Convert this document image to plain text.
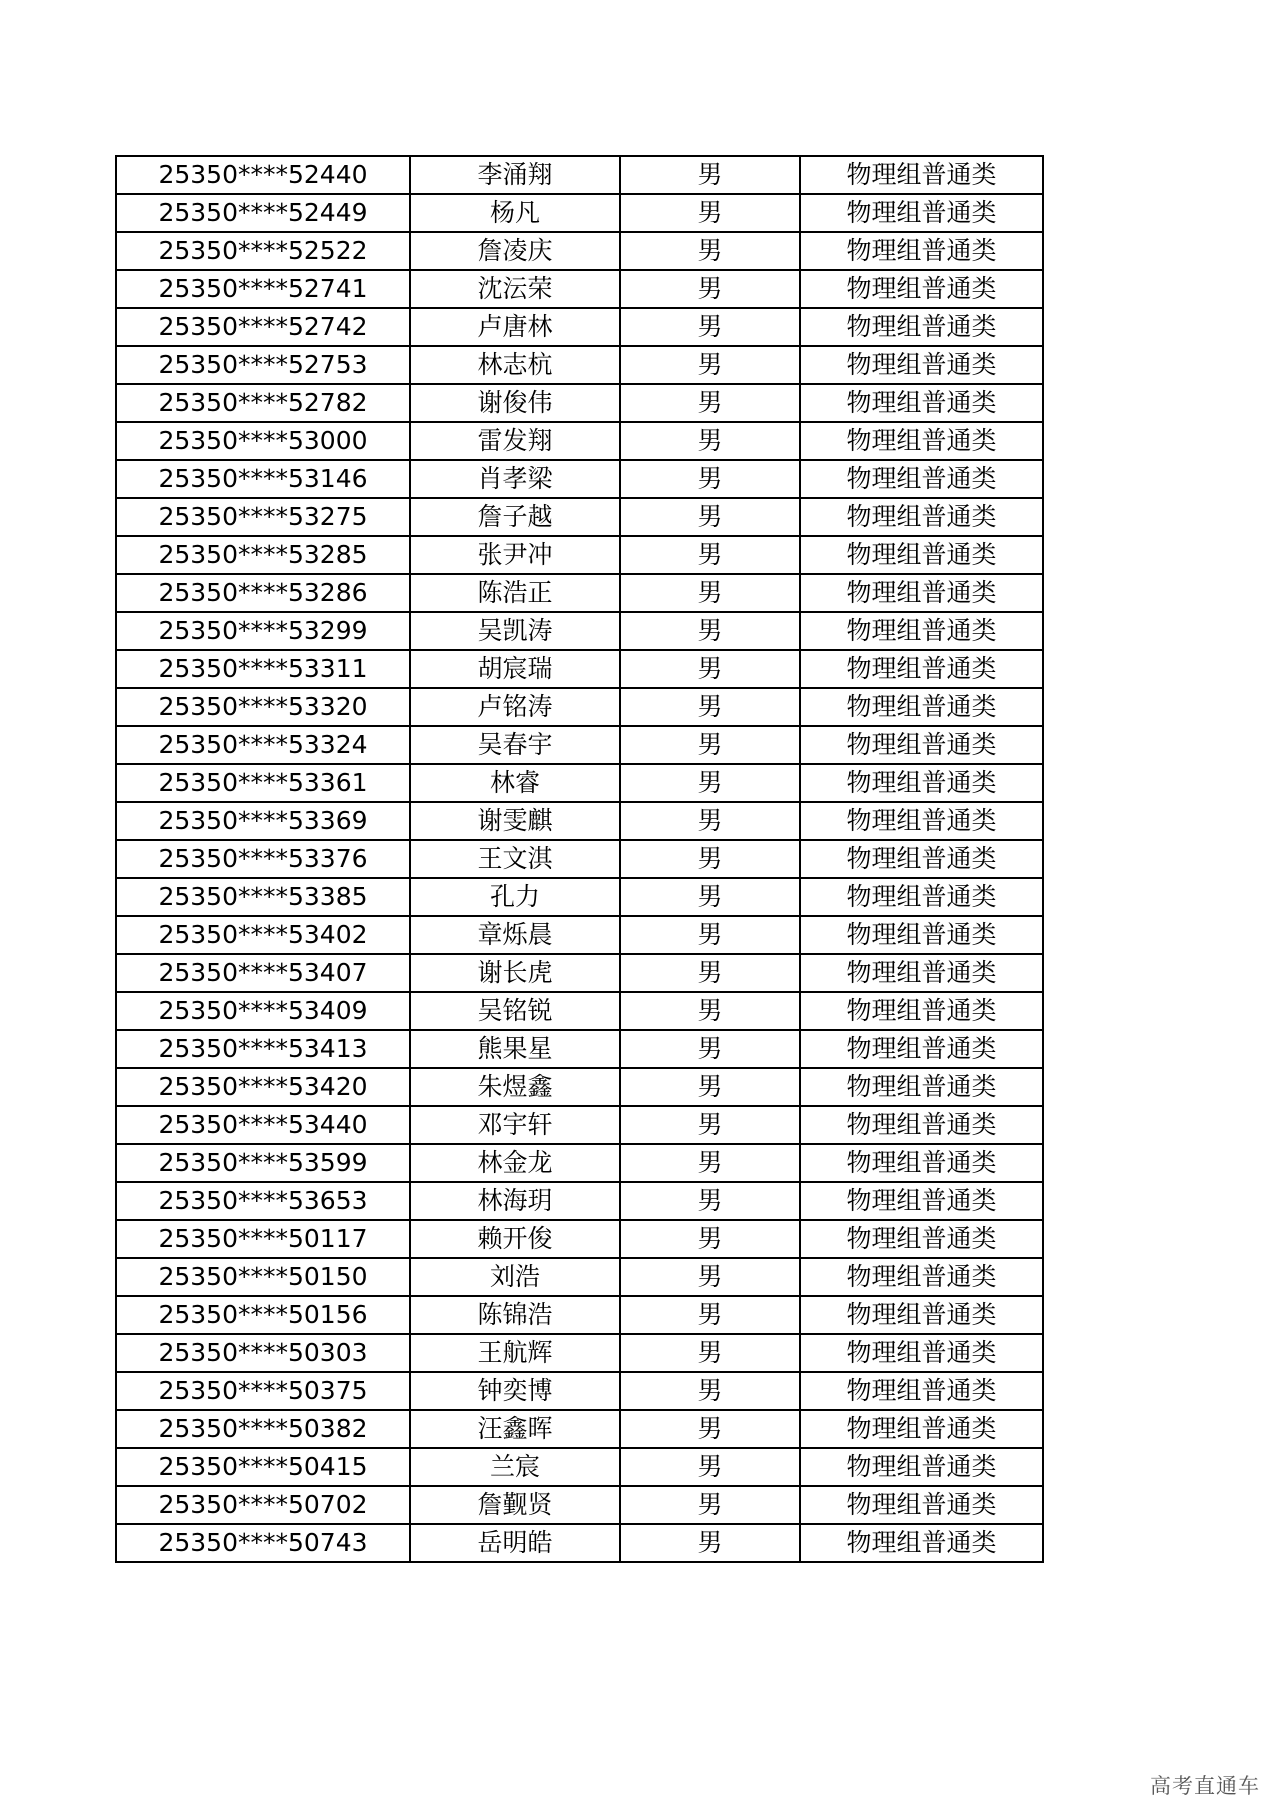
25350****52440	李涌翔	男	物理组普通类
25350****52449	杨凡	男	物理组普通类
25350****52522	詹凌庆	男	物理组普通类
25350****52741	沈沄荣	男	物理组普通类
25350****52742	卢唐林	男	物理组普通类
25350****52753	林志杭	男	物理组普通类
25350****52782	谢俊伟	男	物理组普通类
25350****53000	雷发翔	男	物理组普通类
25350****53146	肖孝梁	男	物理组普通类
25350****53275	詹子越	男	物理组普通类
25350****53285	张尹冲	男	物理组普通类
25350****53286	陈浩正	男	物理组普通类
25350****53299	吴凯涛	男	物理组普通类
25350****53311	胡宸瑞	男	物理组普通类
25350****53320	卢铭涛	男	物理组普通类
25350****53324	吴春宇	男	物理组普通类
25350****53361	林睿	男	物理组普通类
25350****53369	谢雯麒	男	物理组普通类
25350****53376	王文淇	男	物理组普通类
25350****53385	孔力	男	物理组普通类
25350****53402	章烁晨	男	物理组普通类
25350****53407	谢长虎	男	物理组普通类
25350****53409	吴铭锐	男	物理组普通类
25350****53413	熊果星	男	物理组普通类
25350****53420	朱煜鑫	男	物理组普通类
25350****53440	邓宇轩	男	物理组普通类
25350****53599	林金龙	男	物理组普通类
25350****53653	林海玥	男	物理组普通类
25350****50117	赖开俊	男	物理组普通类
25350****50150	刘浩	男	物理组普通类
25350****50156	陈锦浩	男	物理组普通类
25350****50303	王航辉	男	物理组普通类
25350****50375	钟奕博	男	物理组普通类
25350****50382	汪鑫晖	男	物理组普通类
25350****50415	兰宸	男	物理组普通类
25350****50702	詹觐贤	男	物理组普通类
25350****50743	岳明皓	男	物理组普通类
高考直通车
